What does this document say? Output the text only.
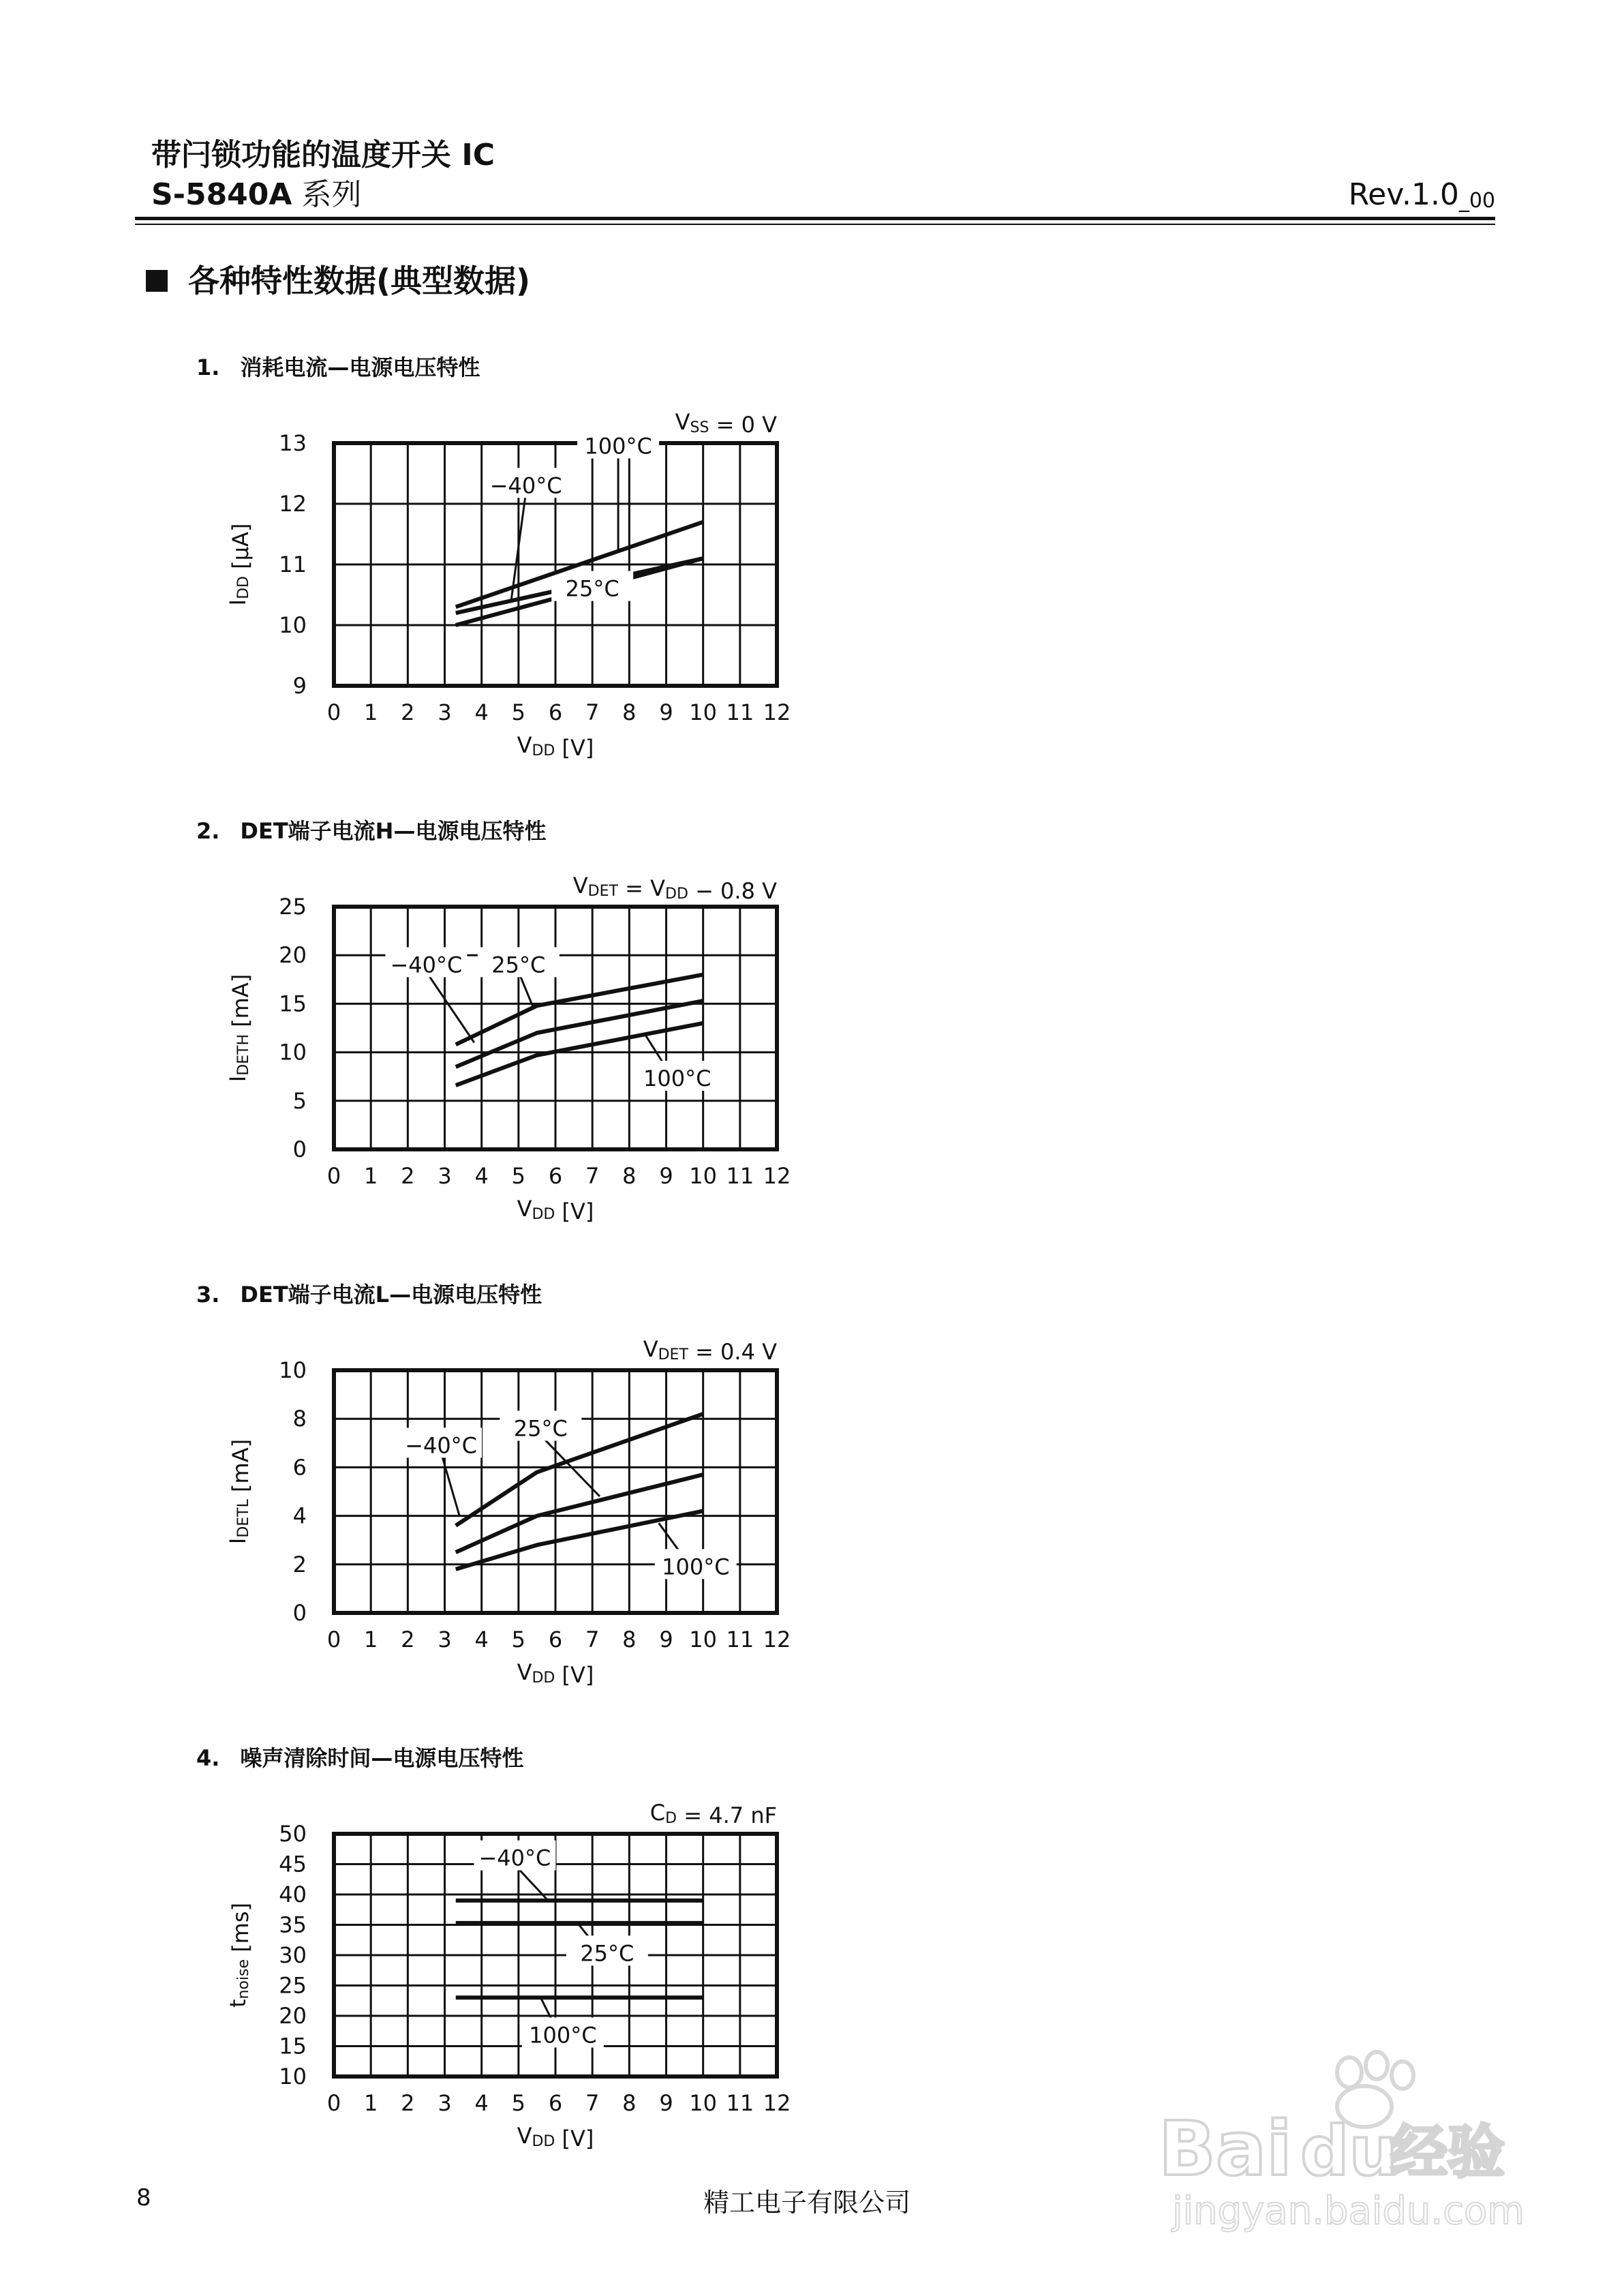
带闩锁功能的温度开关 IC
S-5840A 系列	$Rev.1.0_{\_00}$
各种特性数据(典型数据)
1. 消耗电流—电源电压特性
VSS = 0 V
0 1 2 3 4 5 6 7 8 9 10 11 12
9
10
11
12
13
VDD [V]
IDD [µA]
−40°C
25°C
100°C
2. DET端子电流H—电源电压特性
VDET = VDD − 0.8 V
0 1 2 3 4 5 6 7 8 9 10 11 12
0
5
10
15
20
25
VDD [V]
IDETH [mA]
−40°C 25°C
100°C
3. DET端子电流L—电源电压特性
VDET = 0.4 V
0 1 2 3 4 5 6 7 8 9 10 11 12
0
2
4
6
8
10
VDD [V]
IDETL [mA]	−40°C
25°C
100°C
4. 噪声清除时间—电源电压特性
CD = 4.7 nF
0 1 2 3 4 5 6 7 8 9 10 11 12
10
15
20
25
30
35
40
45
50
VDD [V]
tnoise [ms]
−40°C
25°C
100°C
8	精工电子有限公司
Bai du
经验
jingyan.baidu.com
